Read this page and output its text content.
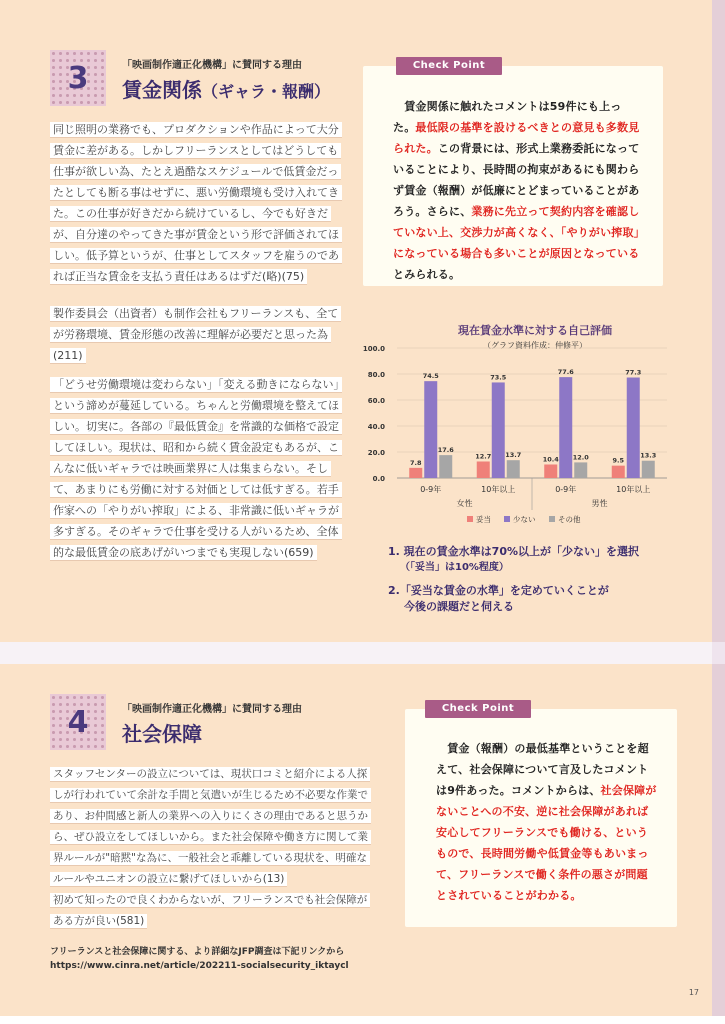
3	「映画制作適正化機構」に賛同する理由
賃金関係（ギャラ・報酬）
同じ照明の業務でも、プロダクションや作品によって大分賃金に差がある。しかしフリーランスとしてはどうしても仕事が欲しい為、たとえ過酷なスケジュールで低賃金だったとしても断る事はせずに、悪い労働環境も受け入れてきた。この仕事が好きだから続けているし、今でも好きだが、自分達のやってきた事が賃金という形で評価されてほしい。低予算というが、仕事としてスタッフを雇うのであれば正当な賃金を支払う責任はあるはずだ(略)(75)
製作委員会（出資者）も制作会社もフリーランスも、全てが労務環境、賃金形態の改善に理解が必要だと思った為(211)
「どうせ労働環境は変わらない」「変える動きにならない」という諦めが蔓延している。ちゃんと労働環境を整えてほしい。切実に。各部の『最低賃金』を常識的な価格で設定してほしい。現状は、昭和から続く賃金設定もあるが、こんなに低いギャラでは映画業界に人は集まらない。そして、あまりにも労働に対する対価としては低すぎる。若手作家への「やりがい搾取」による、非常識に低いギャラが多すぎる。そのギャラで仕事を受ける人がいるため、全体的な最低賃金の底あげがいつまでも実現しない(659)
Check Point
　賃金関係に触れたコメントは59件にも上った。最低限の基準を設けるべきとの意見も多数見られた。この背景には、形式上業務委託になっていることにより、長時間の拘束があるにも関わらず賃金（報酬）が低廉にとどまっていることがあろう。さらに、業務に先立って契約内容を確認していない上、交渉力が高くなく、「やりがい搾取」になっている場合も多いことが原因となっているとみられる。
現在賃金水準に対する自己評価
（グラフ資料作成：仲修平）
0.0
20.0
40.0
60.0
80.0
100.0
7.8
74.5
17.6
0-9年
12.7
73.5
13.7
10年以上
10.4
77.6
12.0
0-9年
9.5
77.3
13.3
10年以上
女性	男性
妥当	少ない	その他
1. 現在の賃金水準は70%以上が「少ない」を選択
（「妥当」は10%程度）
2.「妥当な賃金の水準」を定めていくことが
今後の課題だと伺える
4	「映画制作適正化機構」に賛同する理由
社会保障
スタッフセンターの設立については、現状口コミと紹介による人探しが行われていて余計な手間と気遣いが生じるため不必要な作業であり、お仲間感と新人の業界への入りにくさの理由であると思うから、ぜひ設立をしてほしいから。また社会保障や働き方に関して業界ルールが"暗黙"な為に、一般社会と乖離している現状を、明確なルールやユニオンの設立に繋げてほしいから(13)
初めて知ったので良くわからないが、フリーランスでも社会保障がある方が良い(581)
Check Point
　賃金（報酬）の最低基準ということを超えて、社会保障について言及したコメントは9件あった。コメントからは、社会保障がないことへの不安、逆に社会保障があれば安心してフリーランスでも働ける、というもので、長時間労働や低賃金等もあいまって、フリーランスで働く条件の悪さが問題とされていることがわかる。
フリーランスと社会保障に関する、より詳細なJFP調査は下記リンクから
https://www.cinra.net/article/202211-socialsecurity_iktaycl
17
